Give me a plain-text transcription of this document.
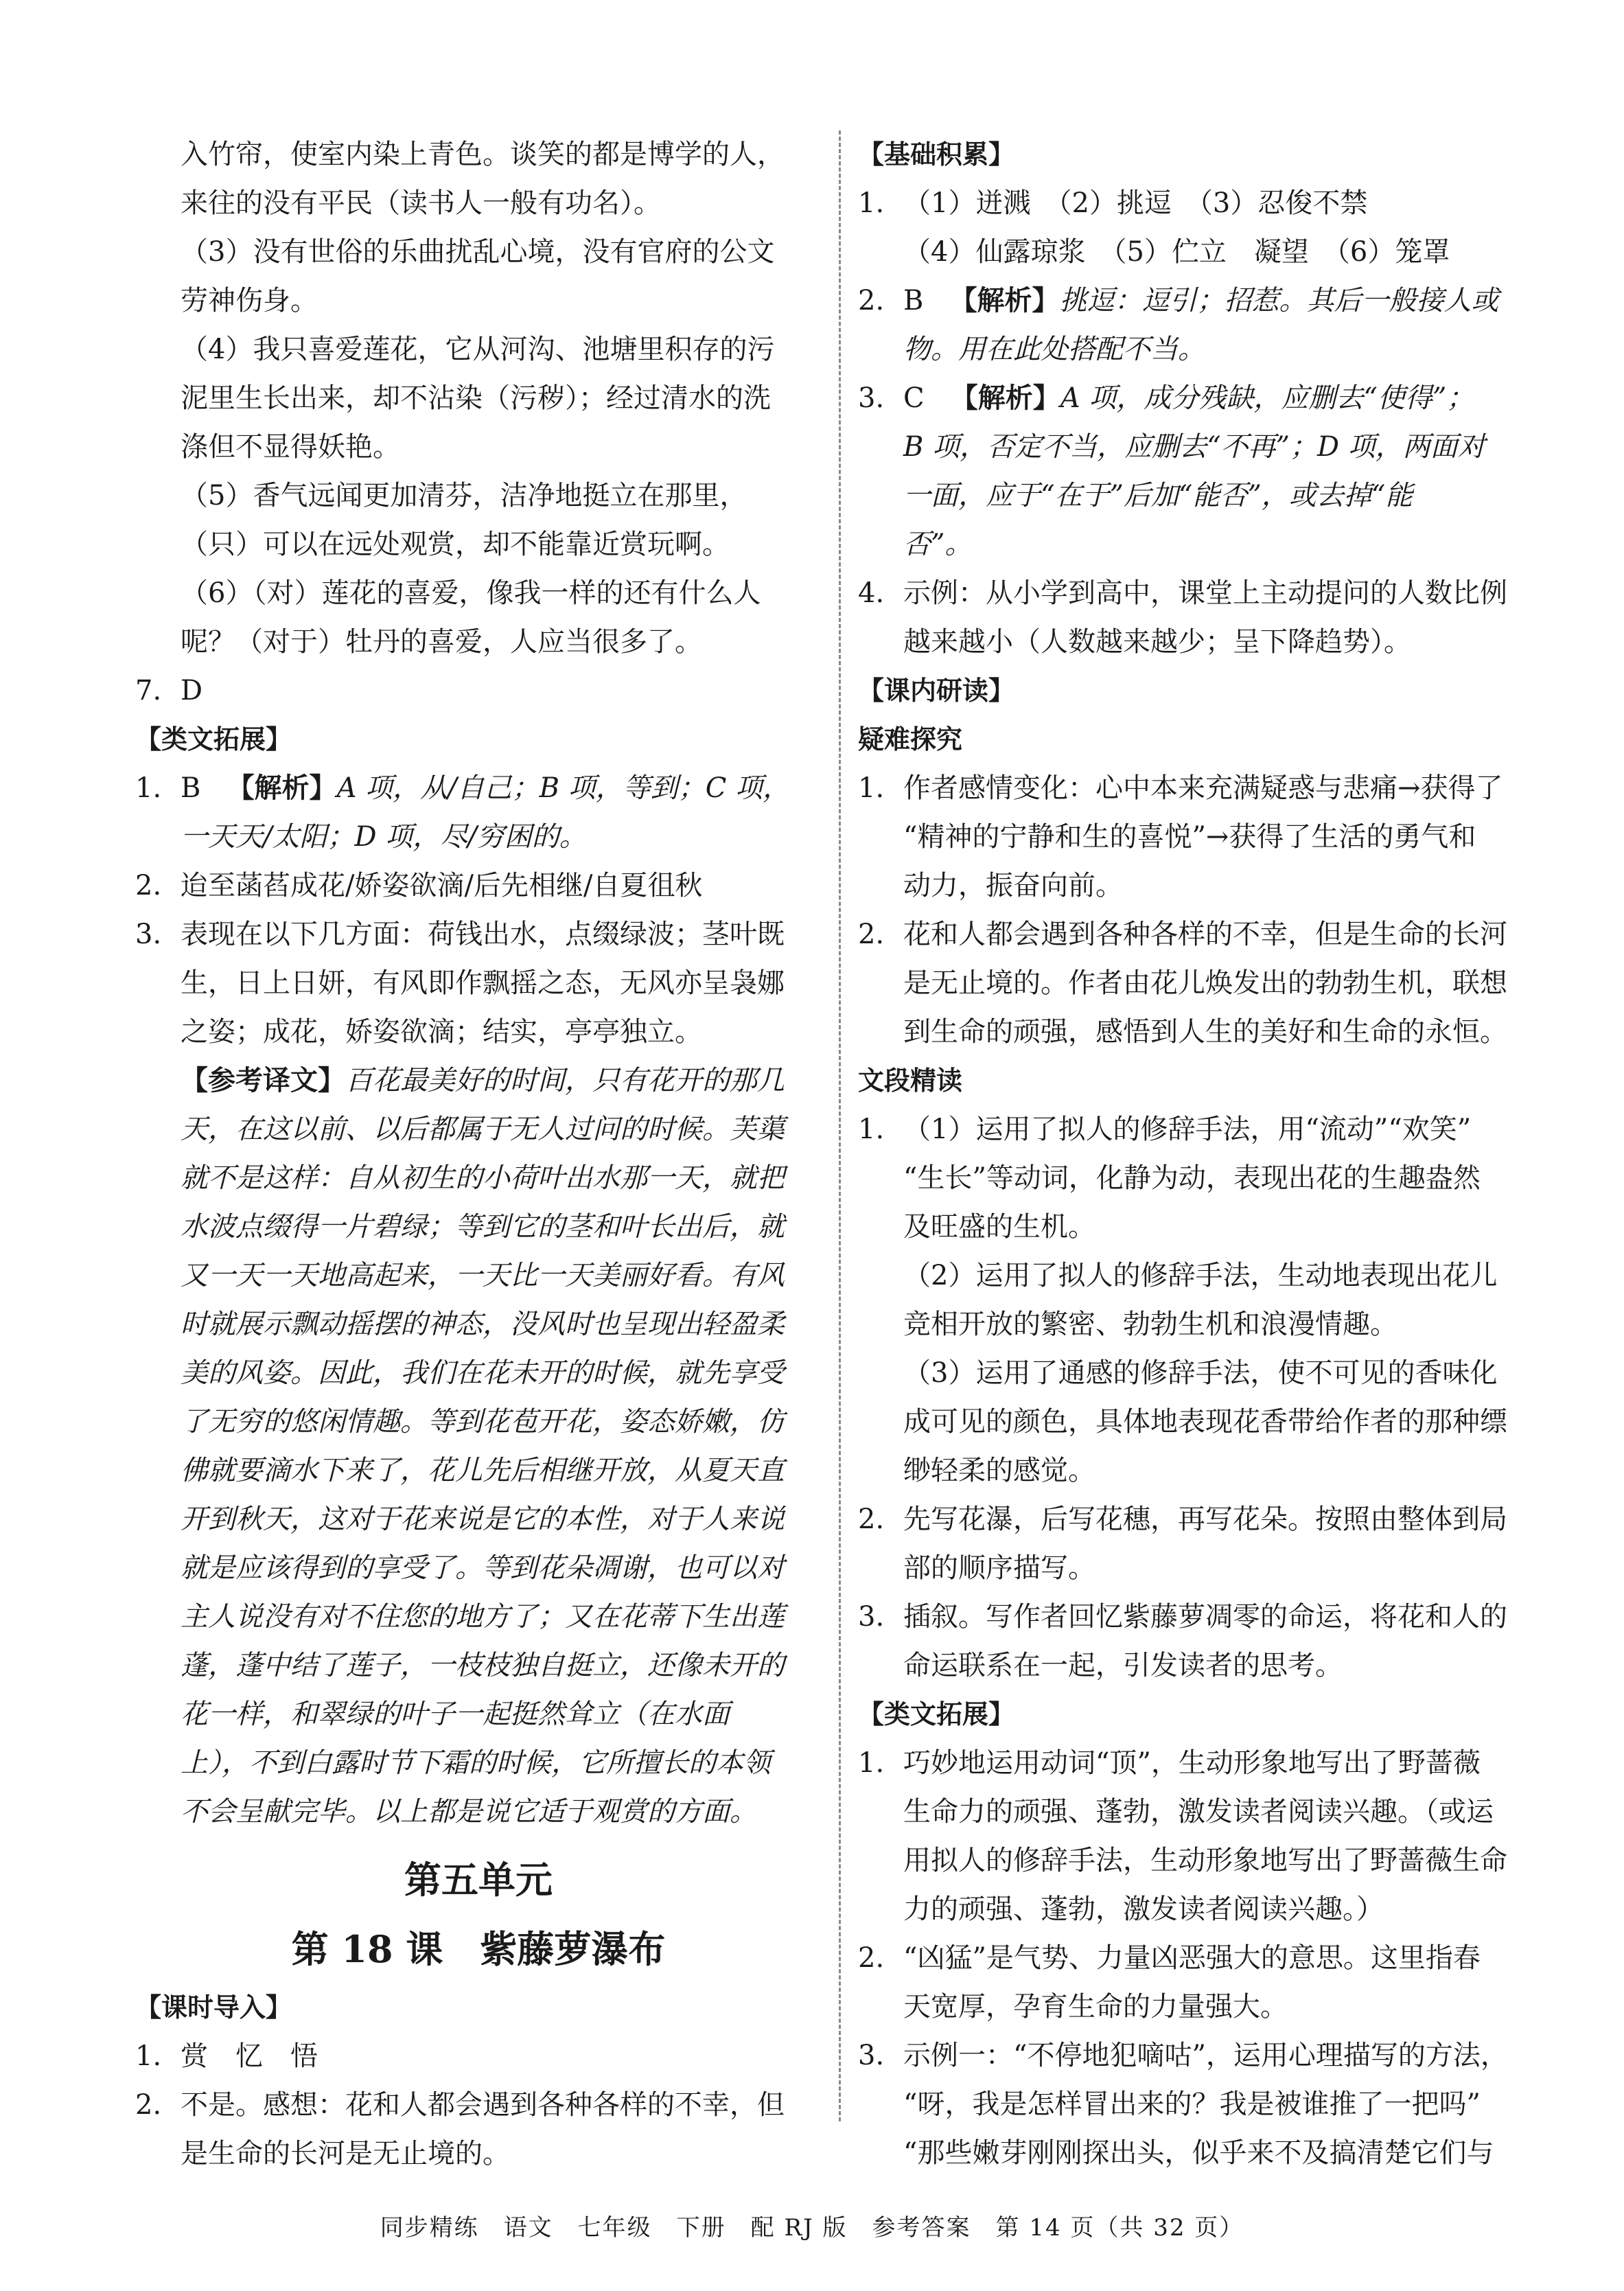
入竹帘，使室内染上青色。谈笑的都是博学的人，

来往的没有平民（读书人一般有功名）。

（3）没有世俗的乐曲扰乱心境，没有官府的公文

劳神伤身。

（4）我只喜爱莲花，它从河沟、池塘里积存的污

泥里生长出来，却不沾染（污秽）；经过清水的洗

涤但不显得妖艳。

（5）香气远闻更加清芬，洁净地挺立在那里，

（只）可以在远处观赏，却不能靠近赏玩啊。

（6）（对）莲花的喜爱，像我一样的还有什么人

呢？（对于）牡丹的喜爱，人应当很多了。

7. D

【类文拓展】

1. B 【解析】A 项，从/自己；B 项，等到；C 项，
一天天/太阳；D 项，尽/穷困的。
2. 迨至菡萏成花/娇姿欲滴/后先相继/自夏徂秋
3. 表现在以下几方面：荷钱出水，点缀绿波；茎叶既
生，日上日妍，有风即作飘摇之态，无风亦呈袅娜
之姿；成花，娇姿欲滴；结实，亭亭独立。
【参考译文】百花最美好的时间，只有花开的那几
天，在这以前、以后都属于无人过问的时候。芙蕖
就不是这样：自从初生的小荷叶出水那一天，就把
水波点缀得一片碧绿；等到它的茎和叶长出后，就
又一天一天地高起来，一天比一天美丽好看。有风
时就展示飘动摇摆的神态，没风时也呈现出轻盈柔
美的风姿。因此，我们在花未开的时候，就先享受
了无穷的悠闲情趣。等到花苞开花，姿态娇嫩，仿
佛就要滴水下来了，花儿先后相继开放，从夏天直
开到秋天，这对于花来说是它的本性，对于人来说
就是应该得到的享受了。等到花朵凋谢，也可以对
主人说没有对不住您的地方了；又在花蒂下生出莲
蓬，蓬中结了莲子，一枝枝独自挺立，还像未开的
花一样，和翠绿的叶子一起挺然耸立（在水面
上），不到白露时节下霜的时候，它所擅长的本领
不会呈献完毕。以上都是说它适于观赏的方面。

第五单元

第 18 课　紫藤萝瀑布

【课时导入】

1. 赏　忆　悟
2. 不是。感想：花和人都会遇到各种各样的不幸，但
是生命的长河是无止境的。

【基础积累】

1. （1）迸溅　（2）挑逗　（3）忍俊不禁
（4）仙露琼浆　（5）伫立　凝望　（6）笼罩
2. B 【解析】挑逗：逗引；招惹。其后一般接人或
物。用在此处搭配不当。
3. C 【解析】A 项，成分残缺，应删去“使得”；
B 项，否定不当，应删去“不再”；D 项，两面对
一面，应于“在于”后加“能否”，或去掉“能
否”。
4. 示例：从小学到高中，课堂上主动提问的人数比例
越来越小（人数越来越少；呈下降趋势）。

【课内研读】

疑难探究

1. 作者感情变化：心中本来充满疑惑与悲痛→获得了
“精神的宁静和生的喜悦”→获得了生活的勇气和
动力，振奋向前。
2. 花和人都会遇到各种各样的不幸，但是生命的长河
是无止境的。作者由花儿焕发出的勃勃生机，联想
到生命的顽强，感悟到人生的美好和生命的永恒。

文段精读

1. （1）运用了拟人的修辞手法，用“流动”“欢笑”
“生长”等动词，化静为动，表现出花的生趣盎然
及旺盛的生机。
（2）运用了拟人的修辞手法，生动地表现出花儿
竞相开放的繁密、勃勃生机和浪漫情趣。
（3）运用了通感的修辞手法，使不可见的香味化
成可见的颜色，具体地表现花香带给作者的那种缥
缈轻柔的感觉。
2. 先写花瀑，后写花穗，再写花朵。按照由整体到局
部的顺序描写。
3. 插叙。写作者回忆紫藤萝凋零的命运，将花和人的
命运联系在一起，引发读者的思考。

【类文拓展】

1. 巧妙地运用动词“顶”，生动形象地写出了野蔷薇
生命力的顽强、蓬勃，激发读者阅读兴趣。（或运
用拟人的修辞手法，生动形象地写出了野蔷薇生命
力的顽强、蓬勃，激发读者阅读兴趣。）
2. “凶猛”是气势、力量凶恶强大的意思。这里指春
天宽厚，孕育生命的力量强大。
3. 示例一：“不停地犯嘀咕”，运用心理描写的方法，
“呀，我是怎样冒出来的？我是被谁推了一把吗”
“那些嫩芽刚刚探出头，似乎来不及搞清楚它们与
同步精练　语文　七年级　下册　配 RJ 版　参考答案　第 14 页（共 32 页）
